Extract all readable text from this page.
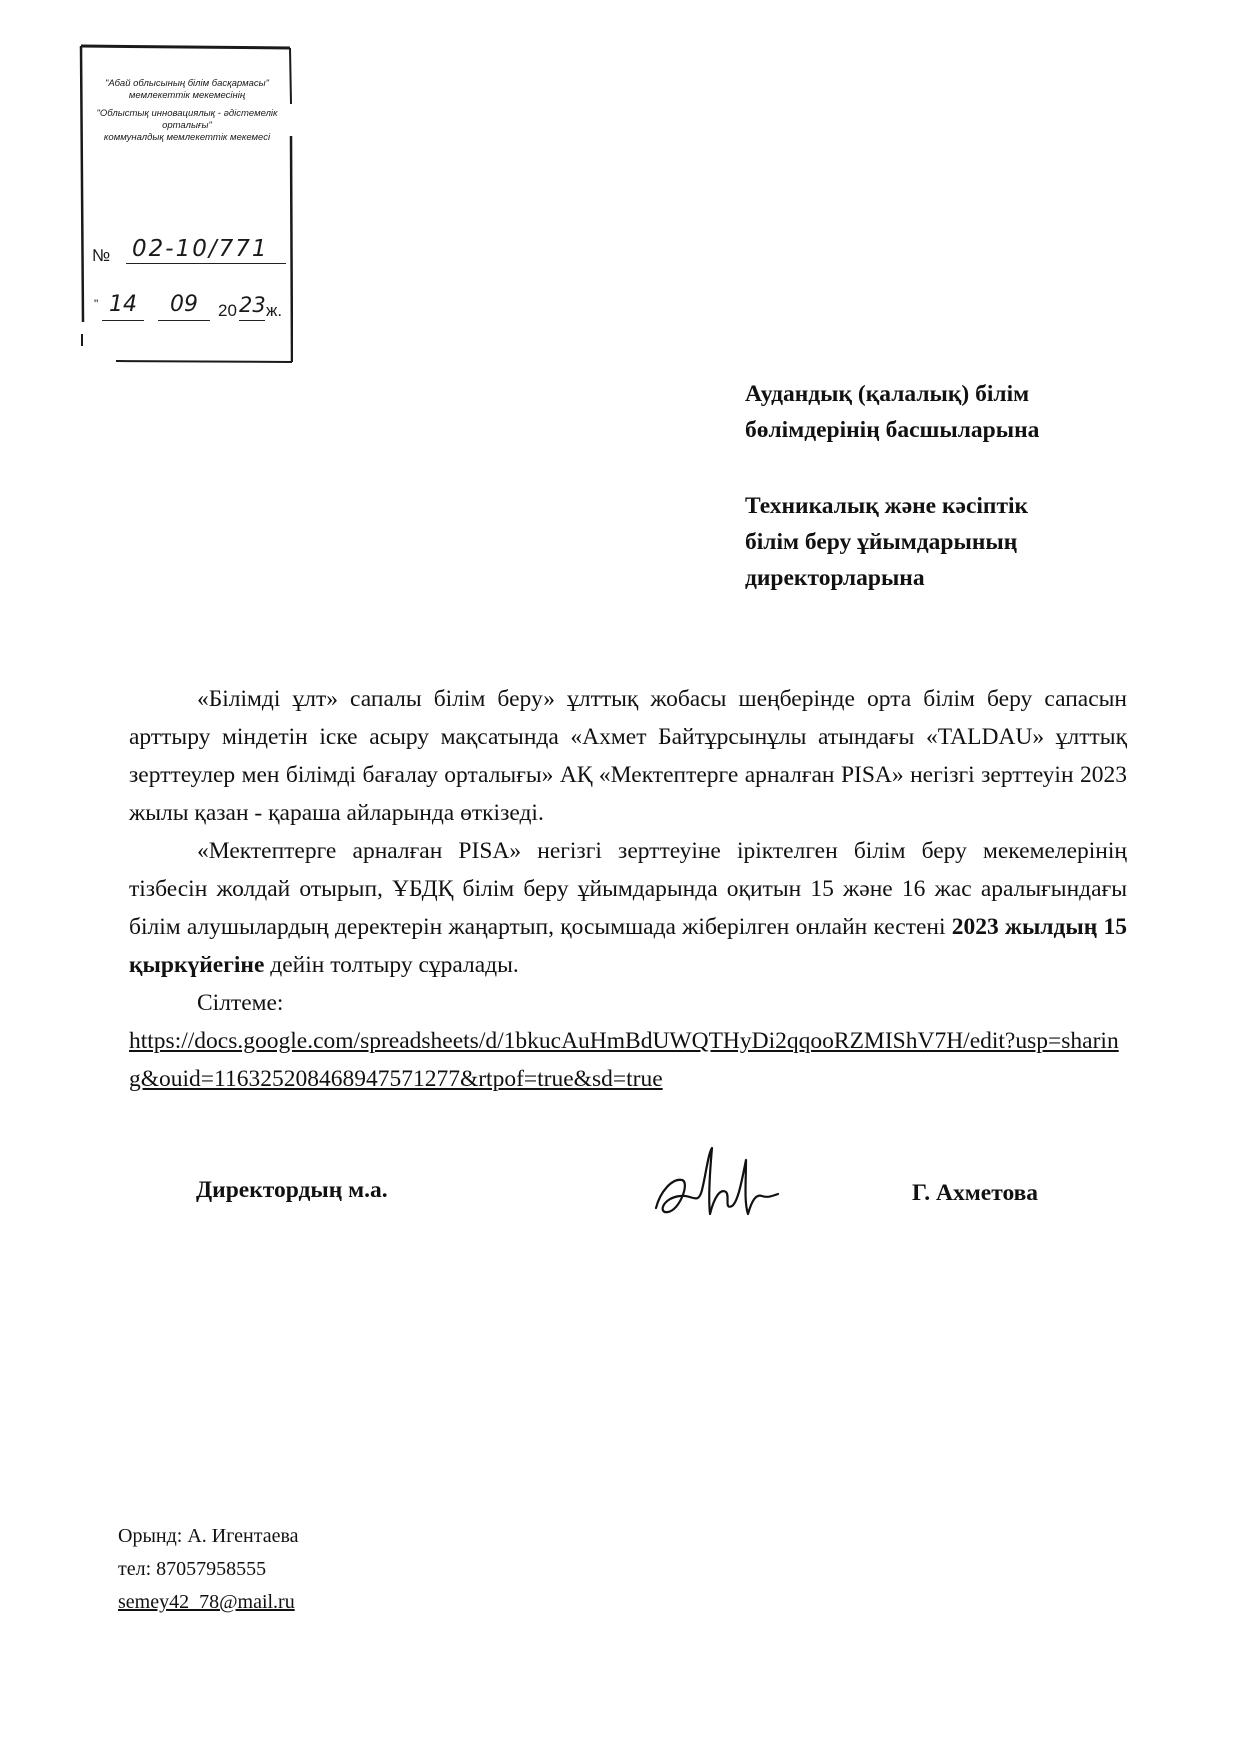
"Абай облысының білім басқармасы"
мемлекеттік мекемесінің
"Облыстық инновациялық - әдістемелік
орталығы"
коммуналдық мемлекеттік мекемесі
№ 02-10/771
" 14	09	20 23 ж.
Аудандық (қалалық) білім
бөлімдерінің басшыларына
Техникалық және кәсіптік
білім беру ұйымдарының
директорларына

«Білімді ұлт» сапалы білім беру» ұлттық жобасы шеңберінде орта білім беру сапасын арттыру міндетін іске асыру мақсатында «Ахмет Байтұрсынұлы атындағы «TALDAU» ұлттық зерттеулер мен білімді бағалау орталығы» АҚ «Мектептерге арналған PISA» негізгі зерттеуін 2023 жылы қазан - қараша айларында өткізеді.

«Мектептерге арналған PISA» негізгі зерттеуіне іріктелген білім беру мекемелерінің тізбесін жолдай отырып, ҰБДҚ білім беру ұйымдарында оқитын 15 және 16 жас аралығындағы білім алушылардың деректерін жаңартып, қосымшада жіберілген онлайн кестені 2023 жылдың 15 қыркүйегіне дейін толтыру сұралады.

Сілтеме:

https://docs.google.com/spreadsheets/d/1bkucAuHmBdUWQTHyDi2qqooRZMIShV7H/edit?usp=sharing&ouid=116325208468947571277&rtpof=true&sd=true
Директордың м.а.	Г. Ахметова
Орынд: А. Игентаева
тел: 87057958555
semey42_78@mail.ru
